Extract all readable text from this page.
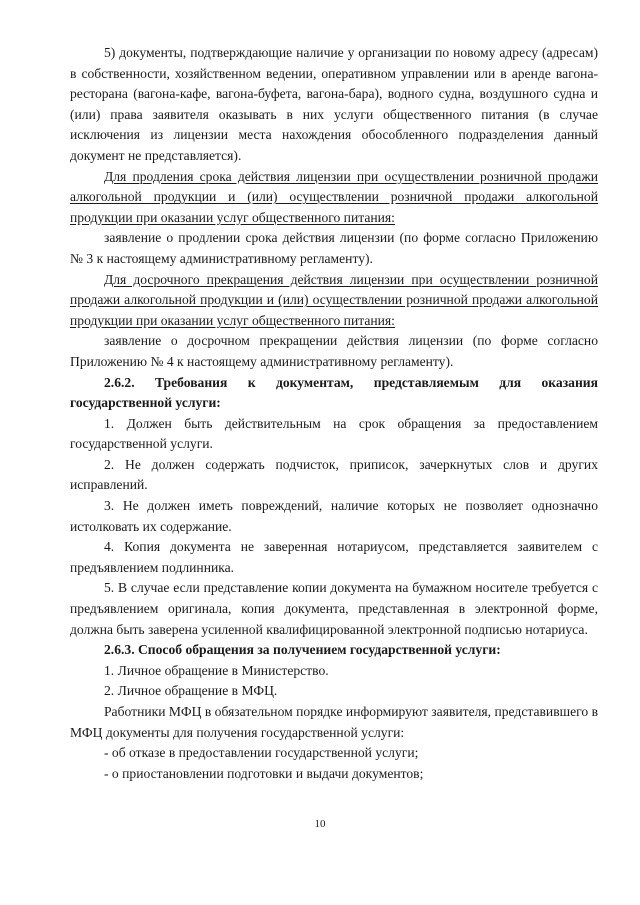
5) документы, подтверждающие наличие у организации по новому адресу (адресам) в собственности, хозяйственном ведении, оперативном управлении или в аренде вагона-ресторана (вагона-кафе, вагона-буфета, вагона-бара), водного судна, воздушного судна и (или) права заявителя оказывать в них услуги общественного питания (в случае исключения из лицензии места нахождения обособленного подразделения данный документ не представляется).

Для продления срока действия лицензии при осуществлении розничной продажи алкогольной продукции и (или) осуществлении розничной продажи алкогольной продукции при оказании услуг общественного питания:

заявление о продлении срока действия лицензии (по форме согласно Приложению № 3 к настоящему административному регламенту).

Для досрочного прекращения действия лицензии при осуществлении розничной продажи алкогольной продукции и (или) осуществлении розничной продажи алкогольной продукции при оказании услуг общественного питания:

заявление о досрочном прекращении действия лицензии (по форме согласно Приложению № 4 к настоящему административному регламенту).

2.6.2. Требования к документам, представляемым для оказания государственной услуги:

1. Должен быть действительным на срок обращения за предоставлением государственной услуги.

2. Не должен содержать подчисток, приписок, зачеркнутых слов и других исправлений.

3. Не должен иметь повреждений, наличие которых не позволяет однозначно истолковать их содержание.

4. Копия документа не заверенная нотариусом, представляется заявителем с предъявлением подлинника.

5. В случае если представление копии документа на бумажном носителе требуется с предъявлением оригинала, копия документа, представленная в электронной форме, должна быть заверена усиленной квалифицированной электронной подписью нотариуса.

2.6.3. Способ обращения за получением государственной услуги:

1. Личное обращение в Министерство.

2. Личное обращение в МФЦ.

Работники МФЦ в обязательном порядке информируют заявителя, представившего в МФЦ документы для получения государственной услуги:

- об отказе в предоставлении государственной услуги;

- о приостановлении подготовки и выдачи документов;

10
